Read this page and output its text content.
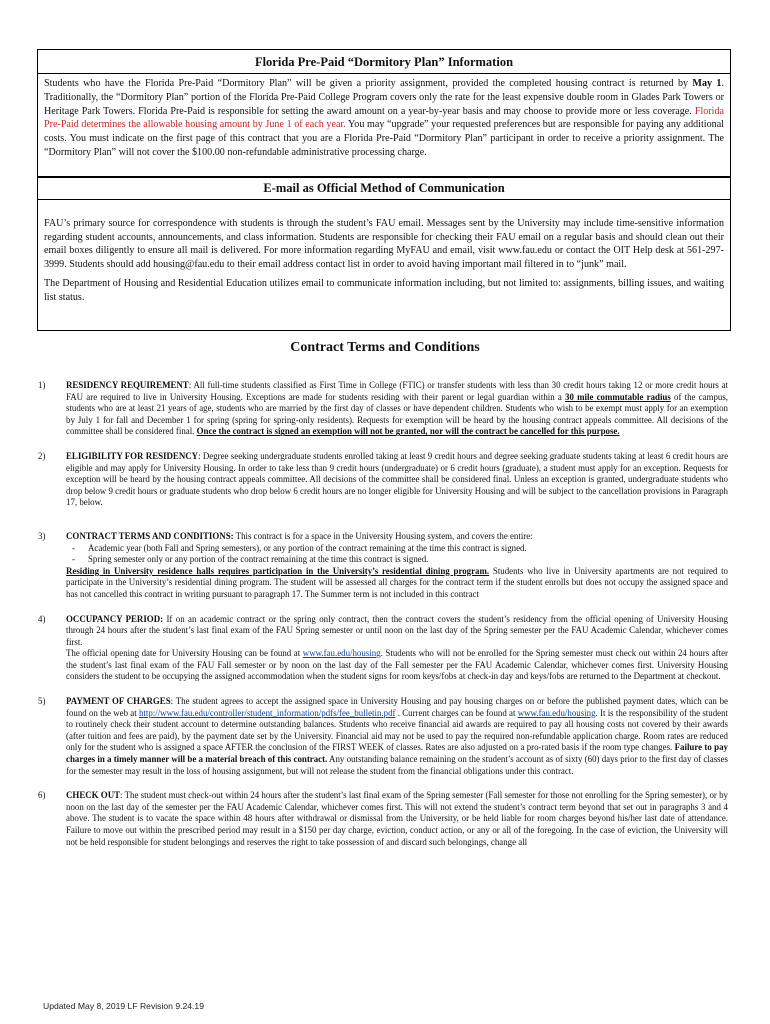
Florida Pre-Paid “Dormitory Plan” Information
Students who have the Florida Pre-Paid “Dormitory Plan” will be given a priority assignment, provided the completed housing contract is returned by May 1. Traditionally, the “Dormitory Plan” portion of the Florida Pre-Paid College Program covers only the rate for the least expensive double room in Glades Park Towers or Heritage Park Towers. Florida Pre-Paid is responsible for setting the award amount on a year-by-year basis and may choose to provide more or less coverage. Florida Pre-Paid determines the allowable housing amount by June 1 of each year. You may “upgrade” your requested preferences but are responsible for paying any additional costs. You must indicate on the first page of this contract that you are a Florida Pre-Paid “Dormitory Plan” participant in order to receive a priority assignment. The “Dormitory Plan” will not cover the $100.00 non-refundable administrative processing charge.
E-mail as Official Method of Communication

FAU’s primary source for correspondence with students is through the student’s FAU email. Messages sent by the University may include time-sensitive information regarding student accounts, announcements, and class information. Students are responsible for checking their FAU email on a regular basis and should clean out their email boxes diligently to ensure all mail is delivered. For more information regarding MyFAU and email, visit www.fau.edu or contact the OIT Help desk at 561-297-3999. Students should add housing@fau.edu to their email address contact list in order to avoid having important mail filtered in to “junk” mail.

The Department of Housing and Residential Education utilizes email to communicate information including, but not limited to: assignments, billing issues, and waiting list status.

Contract Terms and Conditions
1) RESIDENCY REQUIREMENT: All full-time students classified as First Time in College (FTIC) or transfer students with less than 30 credit hours taking 12 or more credit hours at FAU are required to live in University Housing. Exceptions are made for students residing with their parent or legal guardian within a 30 mile commutable radius of the campus, students who are at least 21 years of age, students who are married by the first day of classes or have dependent children. Students who wish to be exempt must apply for an exemption by July 1 for fall and December 1 for spring (spring for spring-only residents). Requests for exemption will be heard by the housing contract appeals committee. All decisions of the committee shall be considered final. Once the contract is signed an exemption will not be granted, nor will the contract be cancelled for this purpose.

2) ELIGIBILITY FOR RESIDENCY: Degree seeking undergraduate students enrolled taking at least 9 credit hours and degree seeking graduate students taking at least 6 credit hours are eligible and may apply for University Housing. In order to take less than 9 credit hours (undergraduate) or 6 credit hours (graduate), a student must apply for an exception. Requests for exception will be heard by the housing contract appeals committee. All decisions of the committee shall be considered final. Unless an exception is granted, undergraduate students who drop below 9 credit hours or graduate students who drop below 6 credit hours are no longer eligible for University Housing and will be subject to the cancellation provisions in Paragraph 17, below.

3) CONTRACT TERMS AND CONDITIONS: This contract is for a space in the University Housing system, and covers the entire:

- Academic year (both Fall and Spring semesters), or any portion of the contract remaining at the time this contract is signed.
- Spring semester only or any portion of the contract remaining at the time this contract is signed.

Residing in University residence halls requires participation in the University’s residential dining program. Students who live in University apartments are not required to participate in the University’s residential dining program. The student will be assessed all charges for the contract term if the student enrolls but does not occupy the assigned space and has not cancelled this contract in writing pursuant to paragraph 17. The Summer term is not included in this contract

4) OCCUPANCY PERIOD: If on an academic contract or the spring only contract, then the contract covers the student’s residency from the official opening of University Housing through 24 hours after the student’s last final exam of the FAU Spring semester or until noon on the last day of the Spring semester per the FAU Academic Calendar, whichever comes first.

The official opening date for University Housing can be found at www.fau.edu/housing. Students who will not be enrolled for the Spring semester must check out within 24 hours after the student’s last final exam of the FAU Fall semester or by noon on the last day of the Fall semester per the FAU Academic Calendar, whichever comes first. University Housing considers the student to be occupying the assigned accommodation when the student signs for room keys/fobs at check-in day and keys/fobs are returned to the Department at checkout.

5) PAYMENT OF CHARGES: The student agrees to accept the assigned space in University Housing and pay housing charges on or before the published payment dates, which can be found on the web at http://www.fau.edu/controller/student_information/pdfs/fee_bulletin.pdf . Current charges can be found at www.fau.edu/housing. It is the responsibility of the student to routinely check their student account to determine outstanding balances. Students who receive financial aid awards are required to pay all housing costs not covered by their awards (after tuition and fees are paid), by the payment date set by the University. Financial aid may not be used to pay the required non-refundable application charge. Room rates are reduced only for the student who is assigned a space AFTER the conclusion of the FIRST WEEK of classes. Rates are also adjusted on a pro-rated basis if the room type changes. Failure to pay charges in a timely manner will be a material breach of this contract. Any outstanding balance remaining on the student’s account as of sixty (60) days prior to the first day of classes for the semester may result in the loss of housing assignment, but will not release the student from the financial obligations under this contract.

6) CHECK OUT: The student must check-out within 24 hours after the student’s last final exam of the Spring semester (Fall semester for those not enrolling for the Spring semester), or by noon on the last day of the semester per the FAU Academic Calendar, whichever comes first. This will not extend the student’s contract term beyond that set out in paragraphs 3 and 4 above. The student is to vacate the space within 48 hours after withdrawal or dismissal from the University, or be held liable for room charges beyond his/her last date of attendance. Failure to move out within the prescribed period may result in a $150 per day charge, eviction, conduct action, or any or all of the foregoing. In the case of eviction, the University will not be held responsible for student belongings and reserves the right to take possession of and discard such belongings, change all

Updated May 8, 2019 LF Revision 9.24.19
